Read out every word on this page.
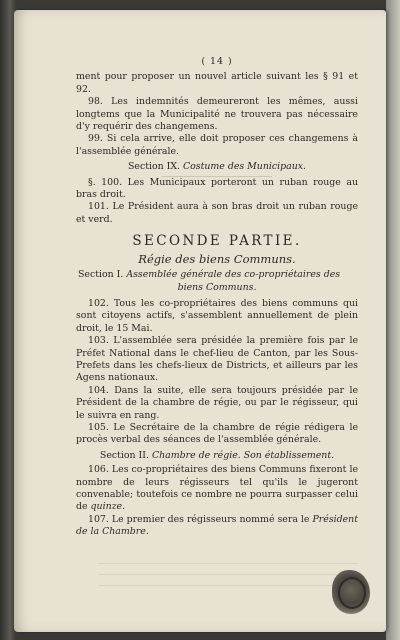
( 14 )

ment pour proposer un nouvel article suivant les § 91 et 92.

98. Les indemnités demeureront les mêmes, aussi longtems que la Municipalité ne trouvera pas nécessaire d'y requérir des changemens.

99. Si cela arrive, elle doit proposer ces changemens à l'assemblée générale.

Section IX. Costume des Municipaux.

§. 100. Les Municipaux porteront un ruban rouge au bras droit.

101. Le Président aura à son bras droit un ruban rouge et verd.

SECONDE PARTIE.
Régie des biens Communs.
Section I. Assemblée générale des co-propriétaires des
biens Communs.

102. Tous les co-propriétaires des biens communs qui sont citoyens actifs, s'assemblent annuellement de plein droit, le 15 Mai.

103. L'assemblée sera présidée la première fois par le Préfet National dans le chef-lieu de Canton, par les Sous-Prefets dans les chefs-lieux de Districts, et ailleurs par les Agens nationaux.

104. Dans la suite, elle sera toujours présidée par le Président de la chambre de régie, ou par le régisseur, qui le suivra en rang.

105. Le Secrétaire de la chambre de régie rédigera le procès verbal des séances de l'assemblée générale.

Section II. Chambre de régie. Son établissement.

106. Les co-propriétaires des biens Communs fixeront le nombre de leurs régisseurs tel qu'ils le jugeront convenable; toutefois ce nombre ne pourra surpasser celui de quinze.

107. Le premier des régisseurs nommé sera le Président de la Chambre.
